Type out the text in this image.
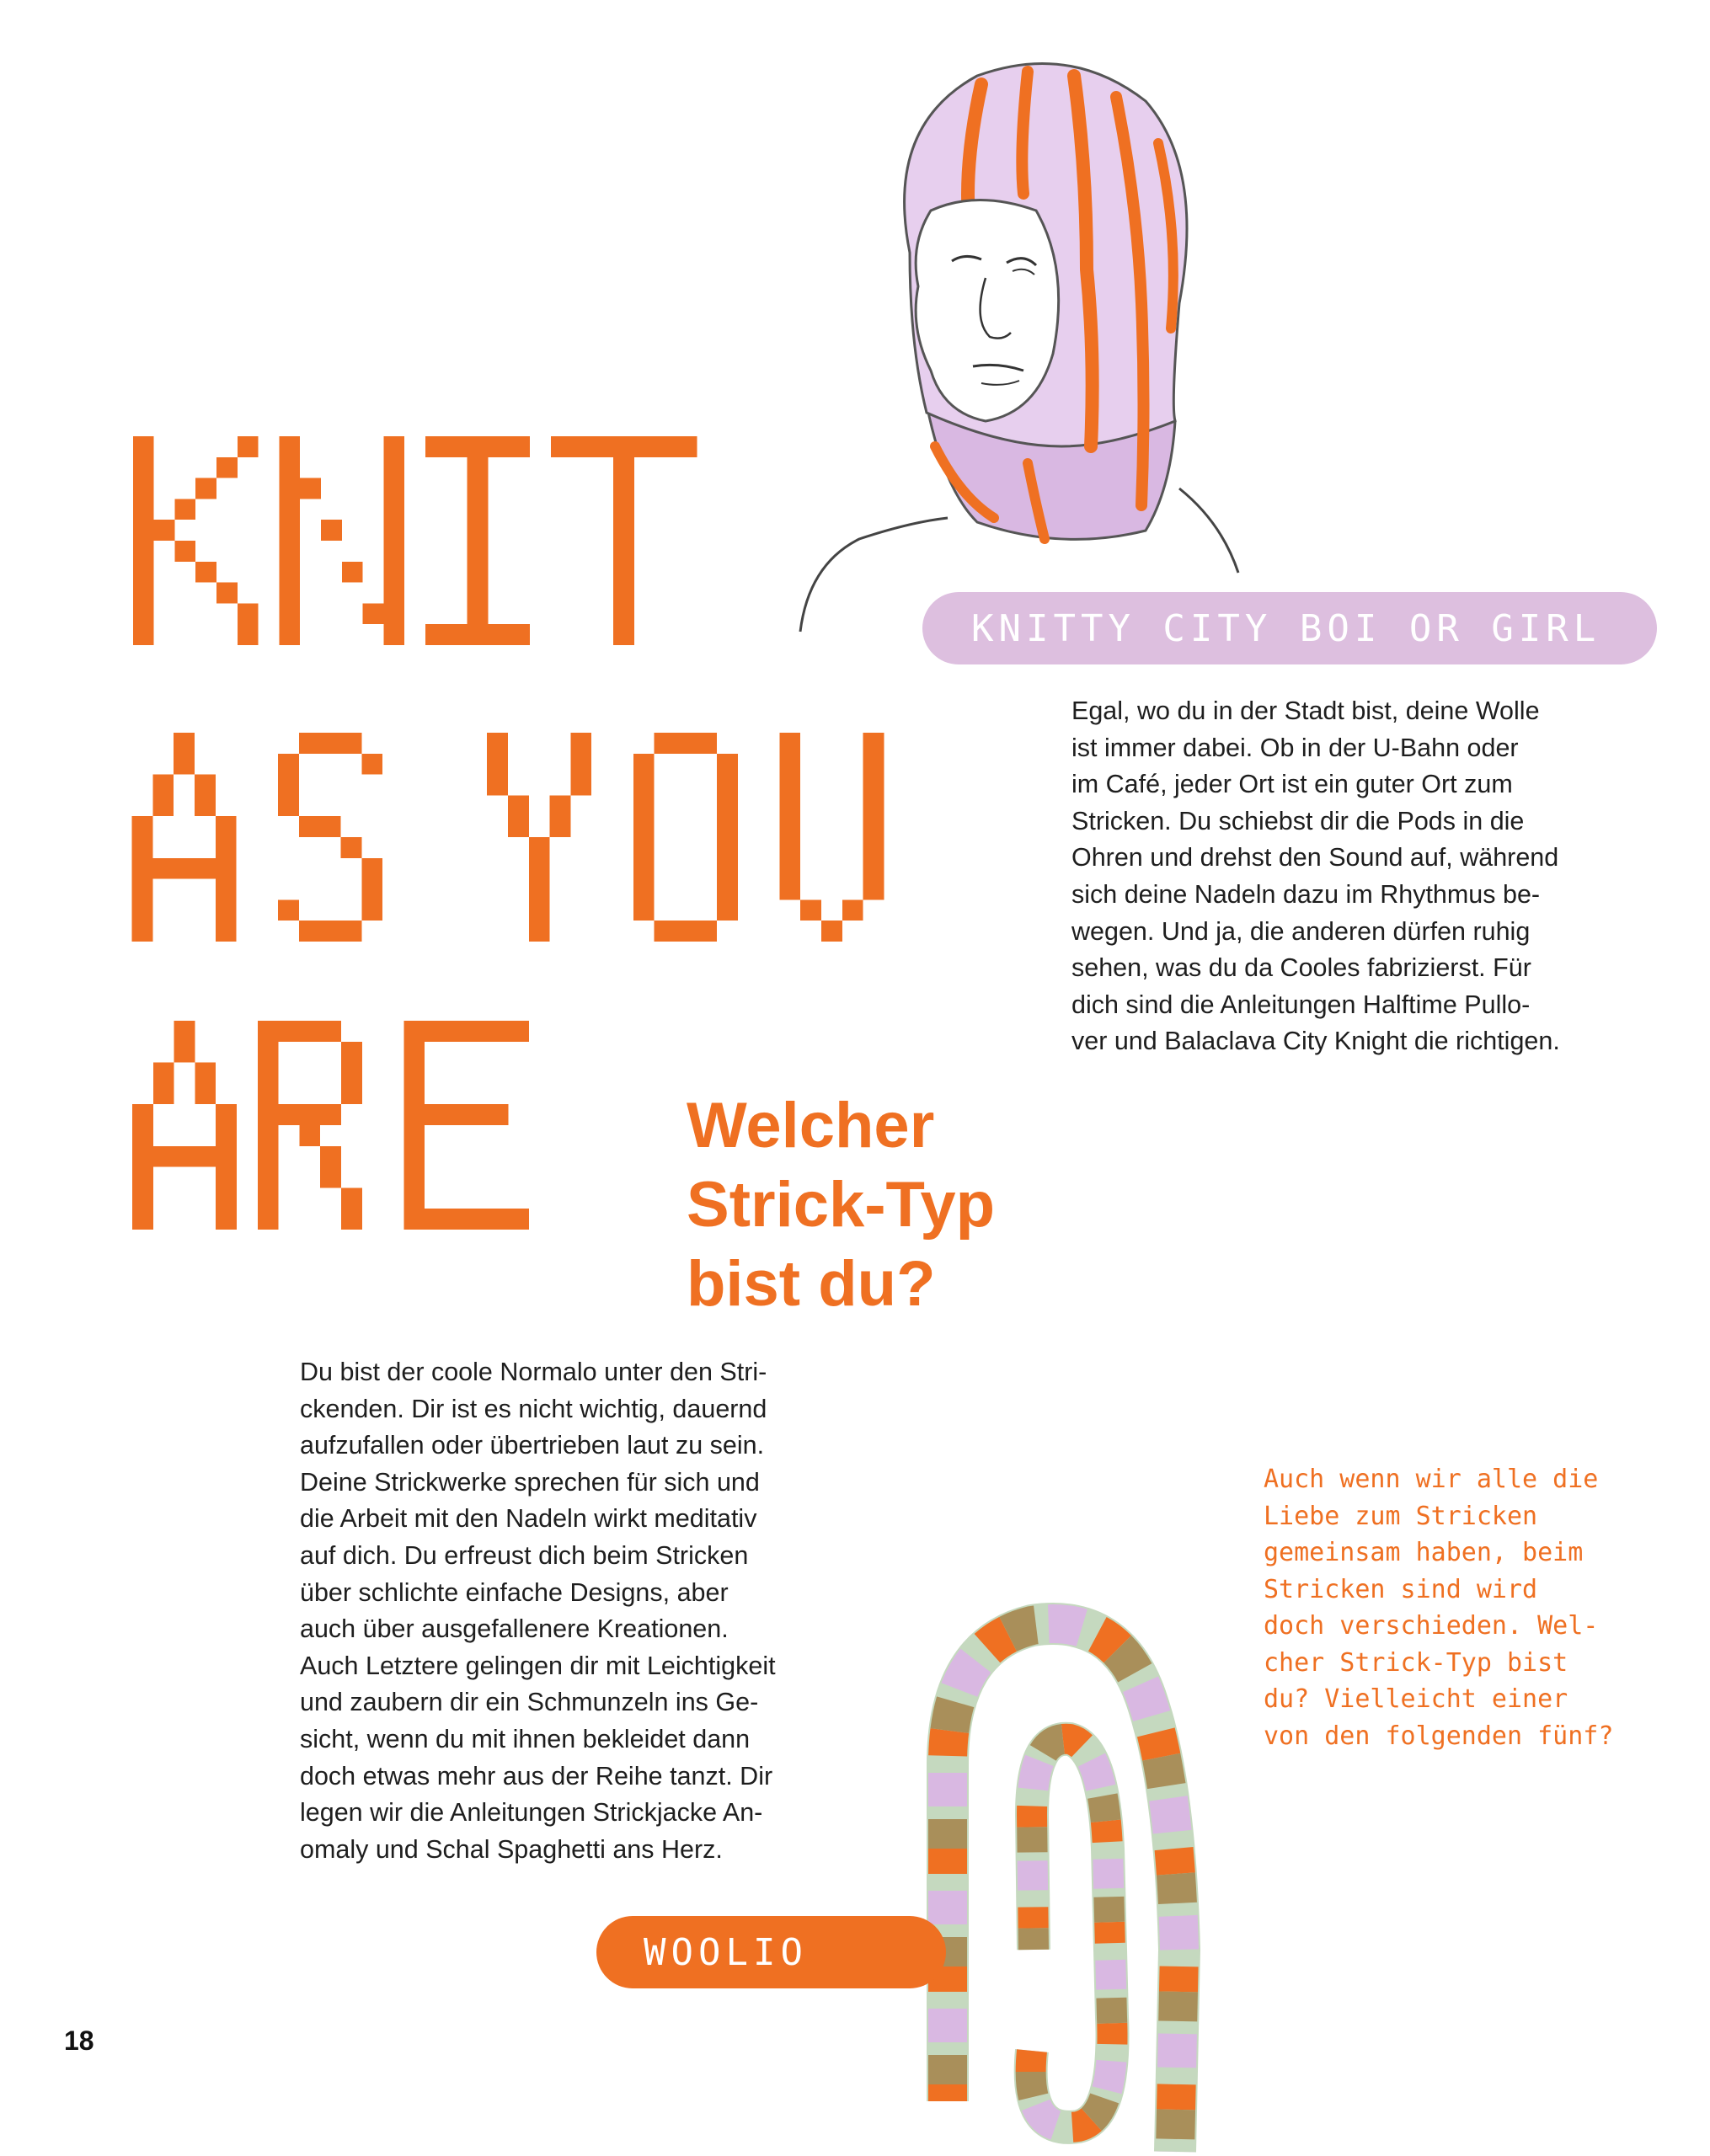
KNITTY CITY BOI OR GIRL
Egal, wo du in der Stadt bist, deine Wolle
ist immer dabei. Ob in der U-Bahn oder
im Café, jeder Ort ist ein guter Ort zum
Stricken. Du schiebst dir die Pods in die
Ohren und drehst den Sound auf, während
sich deine Nadeln dazu im Rhythmus be-
wegen. Und ja, die anderen dürfen ruhig
sehen, was du da Cooles fabrizierst. Für
dich sind die Anleitungen Halftime Pullo-
ver und Balaclava City Knight die richtigen.
Welcher
Strick-Typ
bist du?
Du bist der coole Normalo unter den Stri-
ckenden. Dir ist es nicht wichtig, dauernd
aufzufallen oder übertrieben laut zu sein.
Deine Strickwerke sprechen für sich und
die Arbeit mit den Nadeln wirkt meditativ
auf dich. Du erfreust dich beim Stricken
über schlichte einfache Designs, aber
auch über ausgefallenere Kreationen.
Auch Letztere gelingen dir mit Leichtigkeit
und zaubern dir ein Schmunzeln ins Ge-
sicht, wenn du mit ihnen bekleidet dann
doch etwas mehr aus der Reihe tanzt. Dir
legen wir die Anleitungen Strickjacke An-
omaly und Schal Spaghetti ans Herz.
Auch wenn wir alle die
Liebe zum Stricken
gemeinsam haben, beim
Stricken sind wird
doch verschieden. Wel-
cher Strick-Typ bist
du? Vielleicht einer
von den folgenden fünf?
WOOLIO
18
